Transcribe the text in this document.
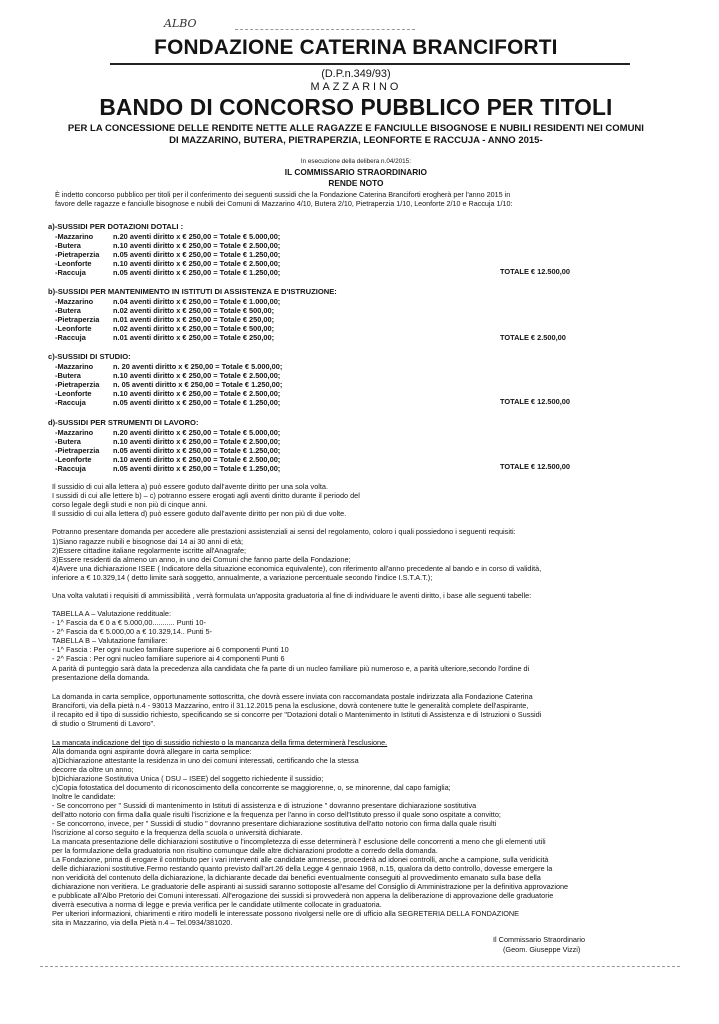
ALBO
FONDAZIONE CATERINA BRANCIFORTI
(D.P.n.349/93)
MAZZARINO
BANDO DI CONCORSO PUBBLICO PER TITOLI
PER LA CONCESSIONE DELLE RENDITE NETTE ALLE RAGAZZE E FANCIULLE BISOGNOSE E NUBILI RESIDENTI NEI COMUNI
DI MAZZARINO, BUTERA, PIETRAPERZIA, LEONFORTE E RACCUJA - ANNO 2015-
In esecuzione della delibera n.04/2015:
IL COMMISSARIO STRAORDINARIO
RENDE NOTO
È indetto concorso pubblico per titoli per il conferimento dei seguenti sussidi che la Fondazione Caterina Branciforti erogherà per l'anno 2015 in
favore delle ragazze e fanciulle bisognose e nubili dei Comuni di Mazzarino 4/10, Butera 2/10, Pietraperzia 1/10, Leonforte 2/10 e Raccuja 1/10:
a)-SUSSIDI PER DOTAZIONI DOTALI :
-Mazzarino	n.20 aventi diritto x € 250,00 = Totale € 5.000,00;
-Butera	n.10 aventi diritto x € 250,00 = Totale € 2.500,00;
-Pietraperzia n.05 aventi diritto x € 250,00 = Totale € 1.250,00;
-Leonforte	n.10 aventi diritto x € 250,00 = Totale € 2.500,00;
-Raccuja	n.05 aventi diritto x € 250,00 = Totale € 1.250,00;	TOTALE € 12.500,00
b)-SUSSIDI PER MANTENIMENTO IN ISTITUTI DI ASSISTENZA E D'ISTRUZIONE:
-Mazzarino	n.04 aventi diritto x € 250,00 = Totale € 1.000,00;
-Butera	n.02 aventi diritto x € 250,00 = Totale € 500,00;
-Pietraperzia n.01 aventi diritto x € 250,00 = Totale € 250,00;
-Leonforte	n.02 aventi diritto x € 250,00 = Totale € 500,00;
-Raccuja	n.01 aventi diritto x € 250,00 = Totale € 250,00;	TOTALE € 2.500,00
c)-SUSSIDI DI STUDIO:
-Mazzarino	n. 20 aventi diritto x € 250,00 = Totale € 5.000,00;
-Butera	n.10 aventi diritto x € 250,00 = Totale € 2.500,00;
-Pietraperzia n. 05 aventi diritto x € 250,00 = Totale € 1.250,00;
-Leonforte	n.10 aventi diritto x € 250,00 = Totale € 2.500,00;
-Raccuja	n.05 aventi diritto x € 250,00 = Totale € 1.250,00;	TOTALE € 12.500,00
d)-SUSSIDI PER STRUMENTI DI LAVORO:
-Mazzarino	n.20 aventi diritto x € 250,00 = Totale € 5.000,00;
-Butera	n.10 aventi diritto x € 250,00 = Totale € 2.500,00;
-Pietraperzia n.05 aventi diritto x € 250,00 = Totale € 1.250,00;
-Leonforte	n.10 aventi diritto x € 250,00 = Totale € 2.500,00;
-Raccuja	n.05 aventi diritto x € 250,00 = Totale € 1.250,00;	TOTALE € 12.500,00
Il sussidio di cui alla lettera a) può essere goduto dall'avente diritto per una sola volta.
I sussidi di cui alle lettere b) – c) potranno essere erogati agli aventi diritto durante il periodo del
corso legale degli studi e non più di cinque anni.
Il sussidio di cui alla lettera d) può essere goduto dall'avente diritto per non più di due volte.
Potranno presentare domanda per accedere alle prestazioni assistenziali ai sensi del regolamento, coloro i quali possiedono i seguenti requisiti:
1)Siano ragazze nubili e bisognose dai 14 ai 30 anni di età;
2)Essere cittadine italiane regolarmente iscritte all'Anagrafe;
3)Essere residenti da almeno un anno, in uno dei Comuni che fanno parte della Fondazione;
4)Avere una dichiarazione ISEE ( Indicatore della situazione economica equivalente), con riferimento all'anno precedente al bando e in corso di validità,
inferiore a € 10.329,14 ( detto limite sarà soggetto, annualmente, a variazione percentuale secondo l'indice I.S.T.A.T.);
Una volta valutati i requisiti di ammissibilità , verrà formulata un'apposita graduatoria al fine di individuare le aventi diritto, i base alle seguenti tabelle:
TABELLA A – Valutazione reddituale:
- 1^ Fascia da € 0 a € 5.000,00........... Punti 10-
- 2^ Fascia da € 5.000,00 a € 10.329,14.. Punti 5-
TABELLA B – Valutazione familiare:
- 1^ Fascia : Per ogni nucleo familiare superiore ai 6 componenti Punti 10
- 2^ Fascia : Per ogni nucleo familiare superiore ai 4 componenti Punti 6
A parità di punteggio sarà data la precedenza alla candidata che fa parte di un nucleo familiare più numeroso e, a parità ulteriore,secondo l'ordine di
presentazione della domanda.
La domanda in carta semplice, opportunamente sottoscritta, che dovrà essere inviata con raccomandata postale indirizzata alla Fondazione Caterina
Branciforti, via della pietà n.4 - 93013 Mazzarino, entro il 31.12.2015 pena la esclusione, dovrà contenere tutte le generalità complete dell'aspirante,
il recapito ed il tipo di sussidio richiesto, specificando se si concorre per "Dotazioni dotali o Mantenimento in Istituti di Assistenza e di Istruzioni o Sussidi
di studio o Strumenti di Lavoro".
La mancata indicazione del tipo di sussidio richiesto o la mancanza della firma determinerà l'esclusione.
Alla domanda ogni aspirante dovrà allegare in carta semplice:
a)Dichiarazione attestante la residenza in uno dei comuni interessati, certificando che la stessa
decorre da oltre un anno;
b)Dichiarazione Sostitutiva Unica ( DSU – ISEE) del soggetto richiedente il sussidio;
c)Copia fotostatica del documento di riconoscimento della concorrente se maggiorenne, o, se minorenne, dal capo famiglia;
Inoltre le candidate:
- Se concorrono per " Sussidi di mantenimento in Istituti di assistenza e di istruzione " dovranno presentare dichiarazione sostitutiva
dell'atto notorio con firma dalla quale risulti l'iscrizione e la frequenza per l'anno in corso dell'Istituto presso il quale sono ospitate a convitto;
- Se concorrono, invece, per " Sussidi di studio " dovranno presentare dichiarazione sostitutiva dell'atto notorio con firma dalla quale risulti
l'iscrizione al corso seguito e la frequenza della scuola o università dichiarate.
La mancata presentazione delle dichiarazioni sostitutive o l'incompletezza di esse determinerà l' esclusione delle concorrenti a meno che gli elementi utili
per la formulazione della graduatoria non risultino comunque dalle altre dichiarazioni prodotte a corredo della domanda.
La Fondazione, prima di erogare il contributo per i vari interventi alle candidate ammesse, procederà ad idonei controlli, anche a campione, sulla veridicità
delle dichiarazioni sostitutive.Fermo restando quanto previsto dall'art.26 della Legge 4 gennaio 1968, n.15, qualora da detto controllo, dovesse emergere la
non veridicità del contenuto della dichiarazione, la dichiarante decade dai benefici eventualmente conseguiti al provvedimento emanato sulla base della
dichiarazione non veritiera. Le graduatorie delle aspiranti ai sussidi saranno sottoposte all'esame del Consiglio di Amministrazione per la definitiva approvazione
e pubblicate all'Albo Pretorio dei Comuni interessati. All'erogazione dei sussidi si provvederà non appena la deliberazione di approvazione delle graduatorie
diverrà esecutiva a norma di legge e previa verifica per le candidate utilmente collocate in graduatoria.
Per ulteriori informazioni, chiarimenti e ritiro modelli le interessate possono rivolgersi nelle ore di ufficio alla SEGRETERIA DELLA FONDAZIONE
sita in Mazzarino, via della Pietà n.4 – Tel.0934/381020.
Il Commissario Straordinario
(Geom. Giuseppe Vizzi)
